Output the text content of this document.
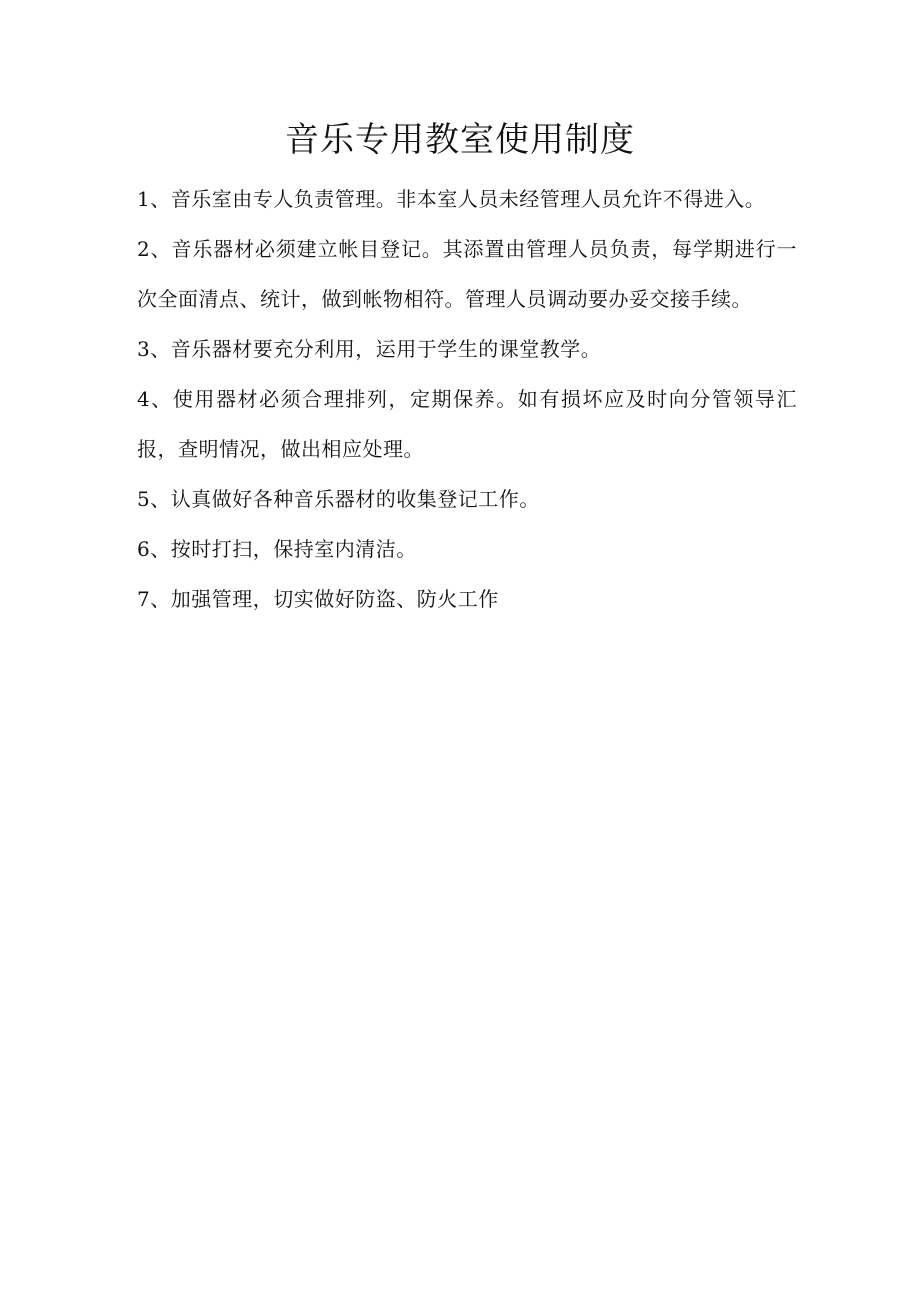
音乐专用教室使用制度
1、音乐室由专人负责管理。非本室人员未经管理人员允许不得进入。
2、音乐器材必须建立帐目登记。其添置由管理人员负责，每学期进行一次全面清点、统计，做到帐物相符。管理人员调动要办妥交接手续。
3、音乐器材要充分利用，运用于学生的课堂教学。
4、使用器材必须合理排列，定期保养。如有损坏应及时向分管领导汇报，查明情况，做出相应处理。
5、认真做好各种音乐器材的收集登记工作。
6、按时打扫，保持室内清洁。
7、加强管理，切实做好防盗、防火工作
